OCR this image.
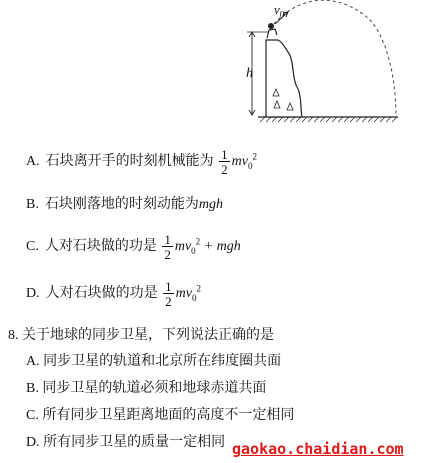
$v_0$
h
A. 石块离开手的时刻机械能为 $\frac{1}{2} mv_0^2$
B. 石块刚落地的时刻动能为mgh
C. 人对石块做的功是 $\frac{1}{2} mv_0^2$ + mgh
D. 人对石块做的功是 $\frac{1}{2} mv_0^2$
8. 关于地球的同步卫星，下列说法正确的是
A. 同步卫星的轨道和北京所在纬度圈共面
B. 同步卫星的轨道必须和地球赤道共面
C. 所有同步卫星距离地面的高度不一定相同
D. 所有同步卫星的质量一定相同 gaokao.chaidian.com
